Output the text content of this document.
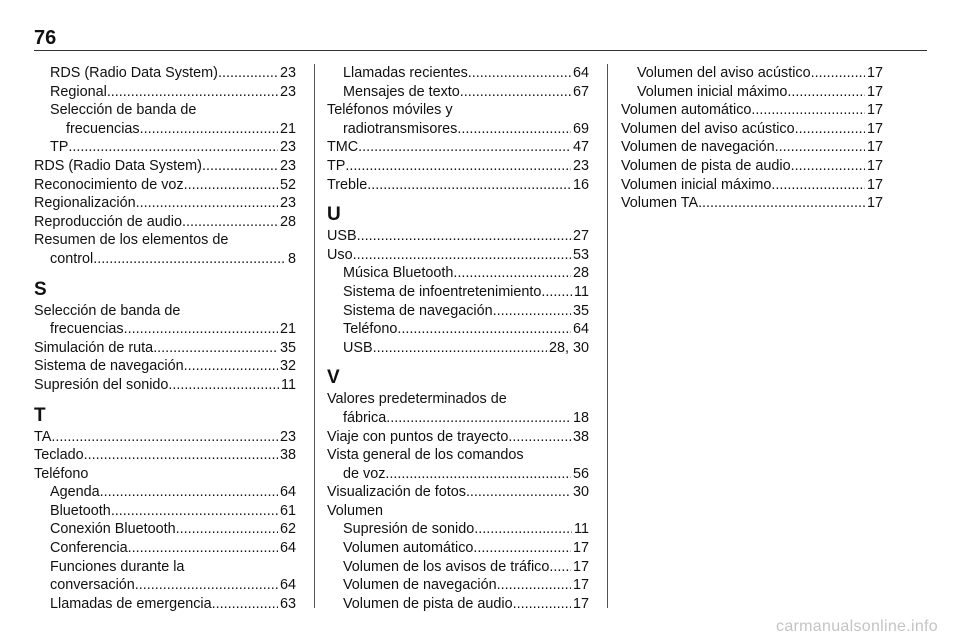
76
RDS (Radio Data System) .....	23
Regional .....	23
Selección de banda de
frecuencias .....	21
TP .....	23
RDS (Radio Data System) .....	23
Reconocimiento de voz .....	52
Regionalización .....	23
Reproducción de audio .....	28
Resumen de los elementos de
control .....	8
S
Selección de banda de
frecuencias .....	21
Simulación de ruta .....	35
Sistema de navegación .....	32
Supresión del sonido .....	11
T
TA .....	23
Teclado .....	38
Teléfono
Agenda .....	64
Bluetooth .....	61
Conexión Bluetooth .....	62
Conferencia .....	64
Funciones durante la
conversación .....	64
Llamadas de emergencia .....	63
Llamadas recientes .....	64
Mensajes de texto .....	67
Teléfonos móviles y
radiotransmisores .....	69
TMC .....	47
TP .....	23
Treble .....	16
U
USB .....	27
Uso .....	53
Música Bluetooth .....	28
Sistema de infoentretenimiento ..... 11
Sistema de navegación .....	35
Teléfono .....	64
USB .....	28, 30
V
Valores predeterminados de
fábrica .....	18
Viaje con puntos de trayecto .....	38
Vista general de los comandos
de voz .....	56
Visualización de fotos .....	30
Volumen
Supresión de sonido .....	11
Volumen automático .....	17
Volumen de los avisos de tráfico ..... 17
Volumen de navegación .....	17
Volumen de pista de audio .....	17
Volumen del aviso acústico .....	17
Volumen inicial máximo .....	17
Volumen automático .....	17
Volumen del aviso acústico .....	17
Volumen de navegación .....	17
Volumen de pista de audio .....	17
Volumen inicial máximo .....	17
Volumen TA .....	17
carmanualsonline.info
